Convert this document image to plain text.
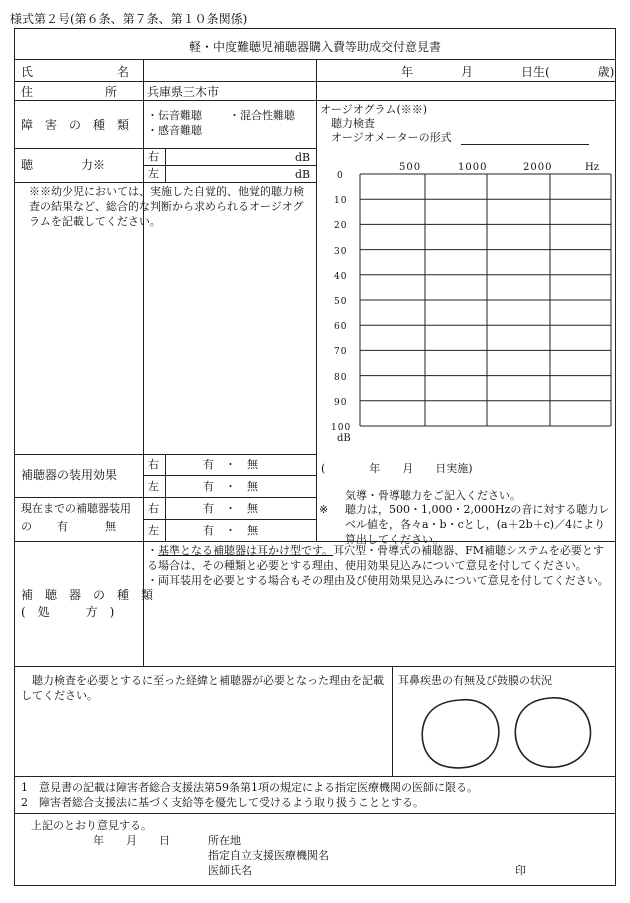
様式第２号(第６条、第７条、第１０条関係)
軽・中度難聴児補聴器購入費等助成交付意見書
氏　　　　　　　名	年　　　　月　　　　日生(　　　　歳)
住　　　　　　所 兵庫県三木市
障　害　の　種　類
・伝音難聴 ・混合性難聴
・感音難聴
聴　　　　力※
右	dB
左	dB
※※幼少児においては、実施した自覚的、他覚的聴力検査の結果など、総合的な判断から求められるオージオグラムを記載してください。
オージオグラム(※※)
聴力検査
オージオメーターの形式
500	1000	2000	Hz
0
10
20
30
40
50
60
70
80
90
100
dB
補聴器の装用効果
右	有　・　無
左	有　・　無
現在までの補聴器装用
の　　有　　　無
右	有　・　無
左	有　・　無
(　　　　年　　月　　日実施)
※
気導・骨導聴力をご記入ください。
聴力は，500・1,000・2,000Hzの音に対する聴力レベル値を，各々a・b・cとし，(a＋2b＋c)／4により算出してください。
補　聴　器　の　種　類
(　処　　　方　)
・基準となる補聴器は耳かけ型です。耳穴型・骨導式の補聴器、FM補聴システムを必要とする場合は、その種類と必要とする理由、使用効果見込みについて意見を付してください。
・両耳装用を必要とする場合もその理由及び使用効果見込みについて意見を付してください。
聴力検査を必要とするに至った経緯と補聴器が必要となった理由を記載してください。
耳鼻疾患の有無及び鼓膜の状況
1　意見書の記載は障害者総合支援法第59条第1項の規定による指定医療機関の医師に限る。
2　障害者総合支援法に基づく支給等を優先して受けるよう取り扱うこととする。
上記のとおり意見する。
年　　月　　日	所在地
指定自立支援医療機関名
医師氏名	印
